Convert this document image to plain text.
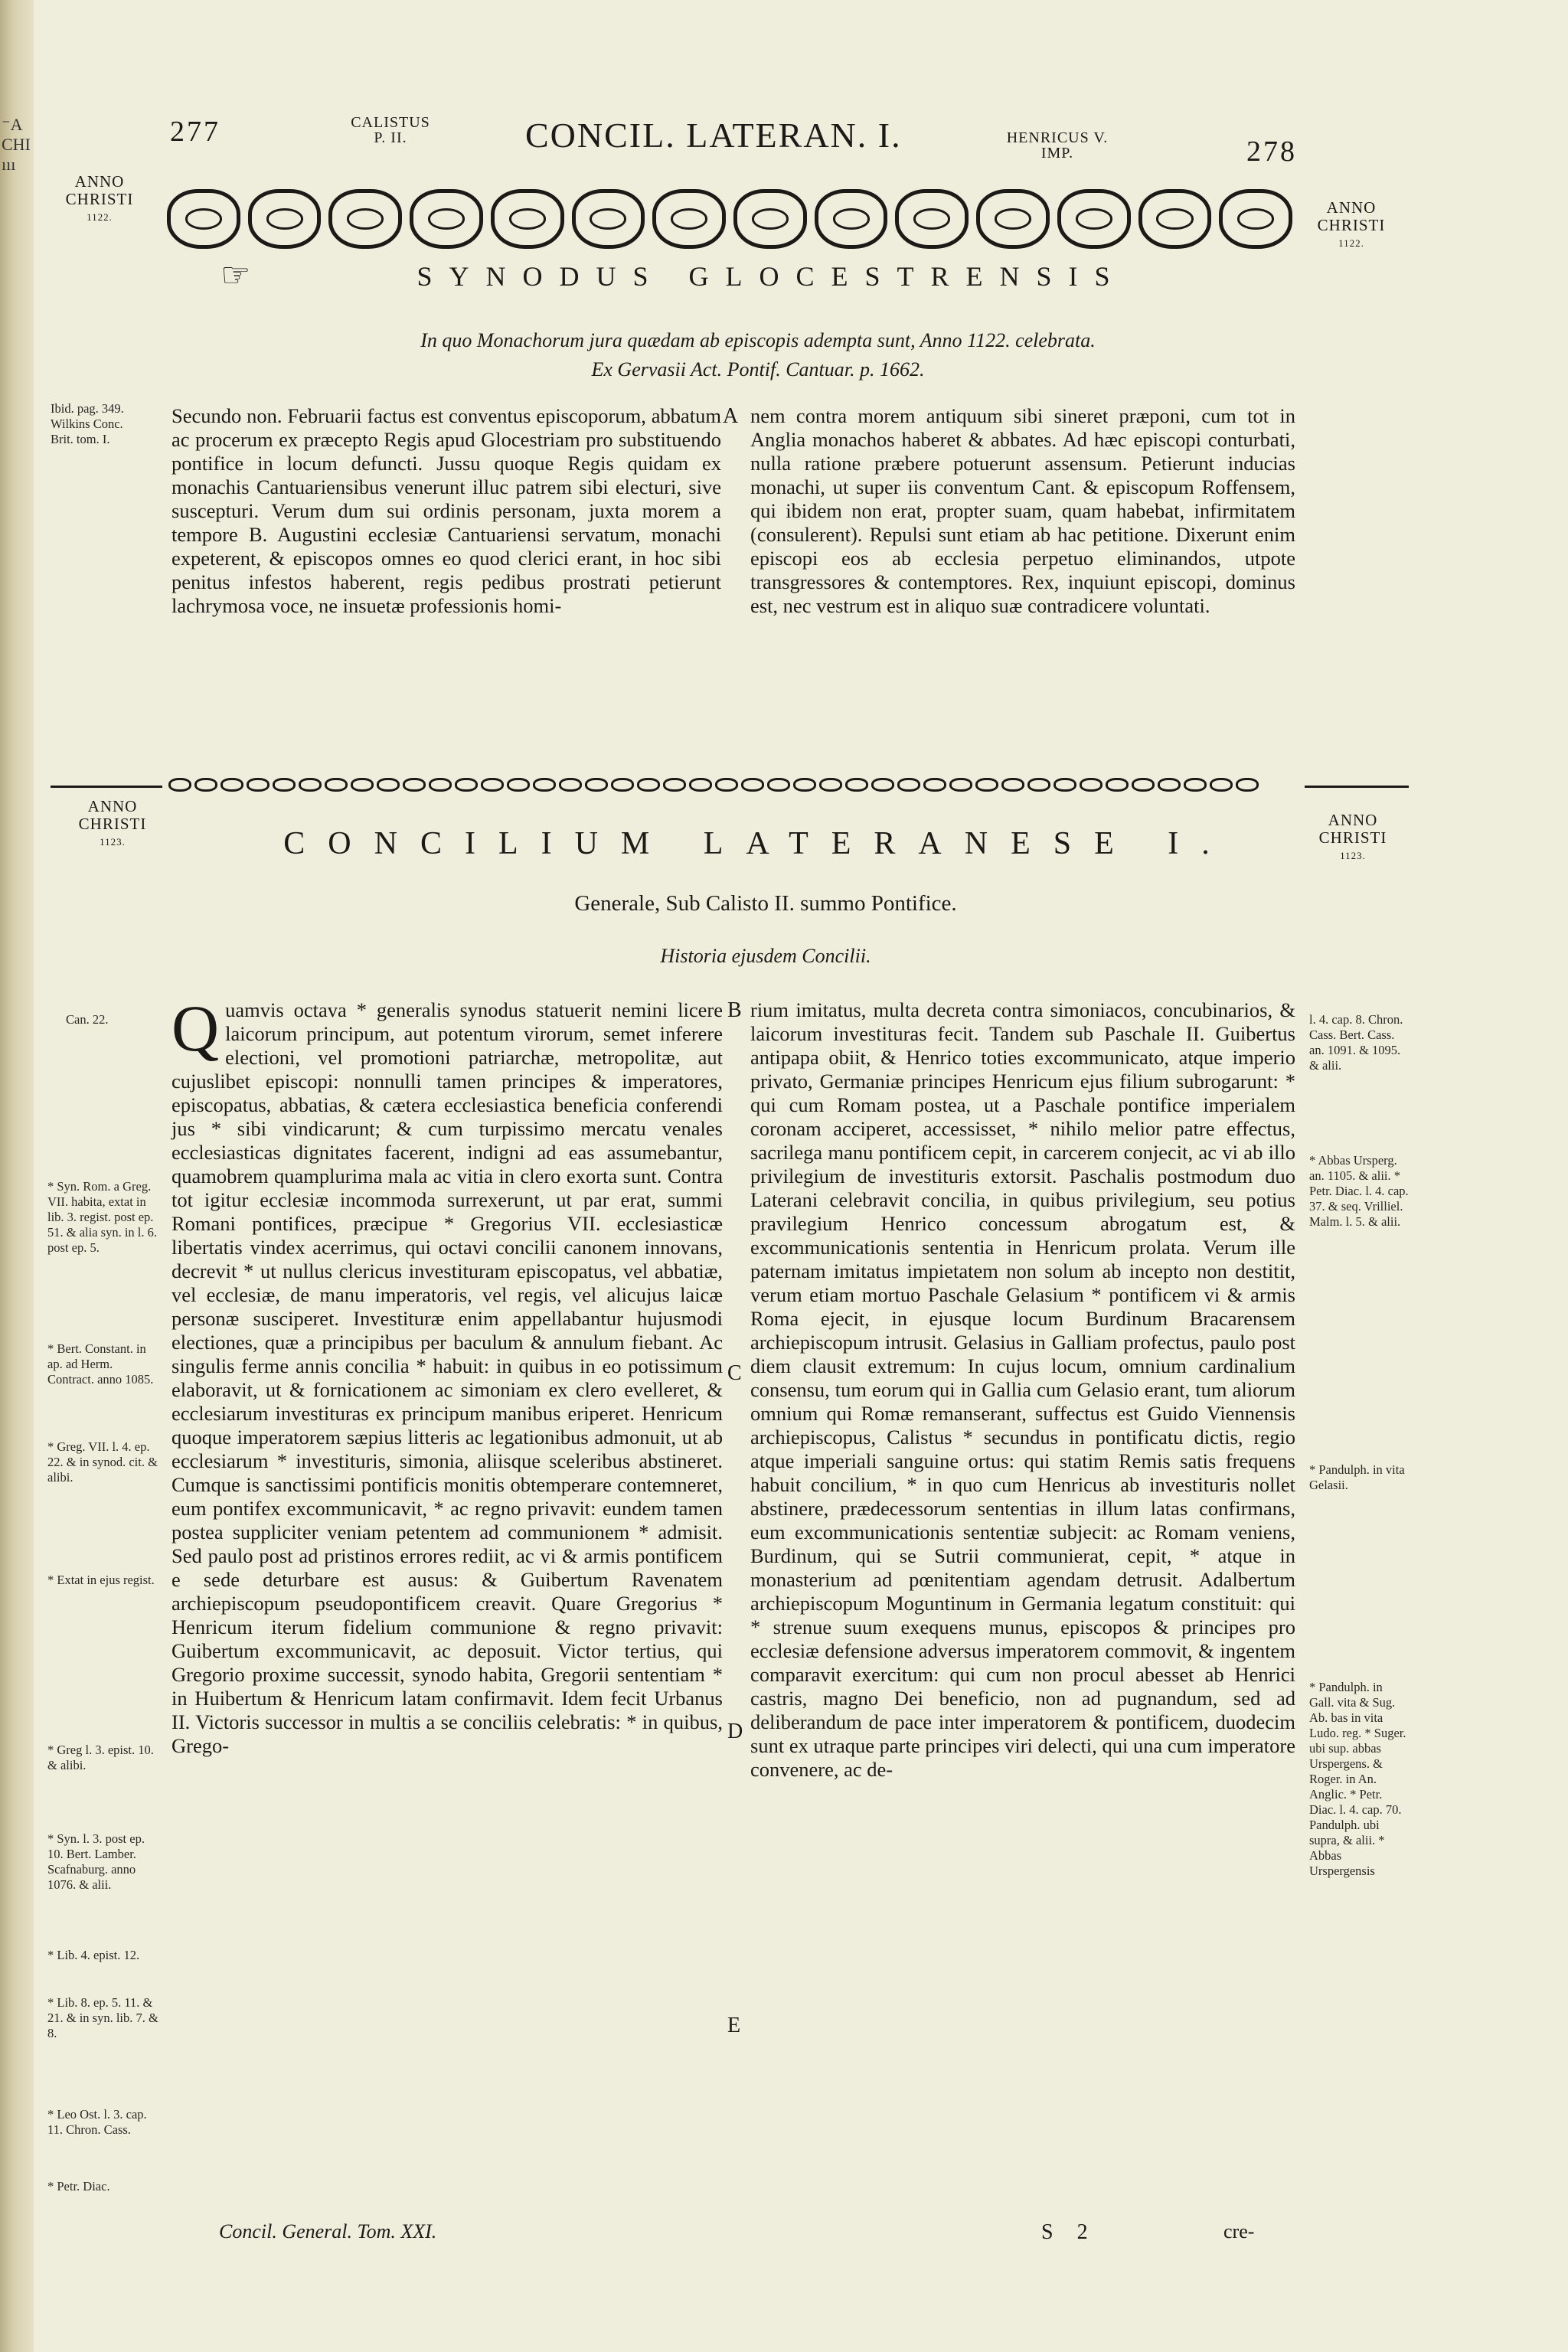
⁻A
CHI
ııı
277	CALISTUS
P. II.	CONCIL. LATERAN. I.	HENRICUS V.
IMP.	278
ANNO
CHRISTI
1122.
ANNO
CHRISTI
1122.
☞	SYNODUS GLOCESTRENSIS
In quo Monachorum jura quædam ab episcopis adempta sunt, Anno 1122. celebrata.
Ex Gervasii Act. Pontif. Cantuar. p. 1662.
Ibid. pag. 349. Wilkins Conc. Brit. tom. I.

Secundo non. Februarii factus est conventus episcoporum, abbatum ac procerum ex præcepto Regis apud Glocestriam pro substituendo pontifice in locum defuncti. Jussu quoque Regis quidam ex monachis Cantuariensibus venerunt illuc patrem sibi electuri, sive suscepturi. Verum dum sui ordinis personam, juxta morem a tempore B. Augustini ecclesiæ Cantuariensi servatum, monachi expeterent, & episcopos omnes eo quod clerici erant, in hoc sibi penitus infestos haberent, regis pedibus prostrati petierunt lachrymosa voce, ne insuetæ professionis homi-

A nem contra morem antiquum sibi sineret præponi, cum tot in Anglia monachos haberet & abbates. Ad hæc episcopi conturbati, nulla ratione præbere potuerunt assensum. Petierunt inducias monachi, ut super iis conventum Cant. & episcopum Roffensem, qui ibidem non erat, propter suam, quam habebat, infirmitatem (consulerent). Repulsi sunt etiam ab hac petitione. Dixerunt enim episcopi eos ab ecclesia perpetuo eliminandos, utpote transgressores & contemptores. Rex, inquiunt episcopi, dominus est, nec vestrum est in aliquo suæ contradicere voluntati.

ANNO
CHRISTI
1123.
ANNO
CHRISTI
1123.
CONCILIUM LATERANESE I.
Generale, Sub Calisto II. summo Pontifice.
Historia ejusdem Concilii.
Can. 22.
* Syn. Rom. a Greg. VII. habita, extat in lib. 3. regist. post ep. 51. & alia syn. in l. 6. post ep. 5.
* Bert. Constant. in ap. ad Herm. Contract. anno 1085.
* Greg. VII. l. 4. ep. 22. & in synod. cit. & alibi.
* Extat in ejus regist.
* Greg l. 3. epist. 10. & alibi.
* Syn. l. 3. post ep. 10. Bert. Lamber. Scafnaburg. anno 1076. & alii.
* Lib. 4. epist. 12.
* Lib. 8. ep. 5. 11. & 21. & in syn. lib. 7. & 8.
* Leo Ost. l. 3. cap. 11. Chron. Cass.
* Petr. Diac.

Quamvis octava * generalis synodus statuerit nemini licere laicorum principum, aut potentum virorum, semet inferere electioni, vel promotioni patriarchæ, metropolitæ, aut cujuslibet episcopi: nonnulli tamen principes & imperatores, episcopatus, abbatias, & cætera ecclesiastica beneficia conferendi jus * sibi vindicarunt; & cum turpissimo mercatu venales ecclesiasticas dignitates facerent, indigni ad eas assumebantur, quamobrem quamplurima mala ac vitia in clero exorta sunt. Contra tot igitur ecclesiæ incommoda surrexerunt, ut par erat, summi Romani pontifices, præcipue * Gregorius VII. ecclesiasticæ libertatis vindex acerrimus, qui octavi concilii canonem innovans, decrevit * ut nullus clericus investituram episcopatus, vel abbatiæ, vel ecclesiæ, de manu imperatoris, vel regis, vel alicujus laicæ personæ susciperet. Investituræ enim appellabantur hujusmodi electiones, quæ a principibus per baculum & annulum fiebant. Ac singulis ferme annis concilia * habuit: in quibus in eo potissimum elaboravit, ut & fornicationem ac simoniam ex clero evelleret, & ecclesiarum investituras ex principum manibus eriperet. Henricum quoque imperatorem sæpius litteris ac legationibus admonuit, ut ab ecclesiarum * investituris, simonia, aliisque sceleribus abstineret. Cumque is sanctissimi pontificis monitis obtemperare contemneret, eum pontifex excommunicavit, * ac regno privavit: eundem tamen postea suppliciter veniam petentem ad communionem * admisit. Sed paulo post ad pristinos errores rediit, ac vi & armis pontificem e sede deturbare est ausus: & Guibertum Ravenatem archiepiscopum pseudopontificem creavit. Quare Gregorius * Henricum iterum fidelium communione & regno privavit: Guibertum excommunicavit, ac deposuit. Victor tertius, qui Gregorio proxime successit, synodo habita, Gregorii sententiam * in Huibertum & Henricum latam confirmavit. Idem fecit Urbanus II. Victoris successor in multis a se conciliis celebratis: * in quibus, Grego-

B
C
D
E

rium imitatus, multa decreta contra simoniacos, concubinarios, & laicorum investituras fecit. Tandem sub Paschale II. Guibertus antipapa obiit, & Henrico toties excommunicato, atque imperio privato, Germaniæ principes Henricum ejus filium subrogarunt: * qui cum Romam postea, ut a Paschale pontifice imperialem coronam acciperet, accessisset, * nihilo melior patre effectus, sacrilega manu pontificem cepit, in carcerem conjecit, ac vi ab illo privilegium de investituris extorsit. Paschalis postmodum duo Laterani celebravit concilia, in quibus privilegium, seu potius pravilegium Henrico concessum abrogatum est, & excommunicationis sententia in Henricum prolata. Verum ille paternam imitatus impietatem non solum ab incepto non destitit, verum etiam mortuo Paschale Gelasium * pontificem vi & armis Roma ejecit, in ejusque locum Burdinum Bracarensem archiepiscopum intrusit. Gelasius in Galliam profectus, paulo post diem clausit extremum: In cujus locum, omnium cardinalium consensu, tum eorum qui in Gallia cum Gelasio erant, tum aliorum omnium qui Romæ remanserant, suffectus est Guido Viennensis archiepiscopus, Calistus * secundus in pontificatu dictis, regio atque imperiali sanguine ortus: qui statim Remis satis frequens habuit concilium, * in quo cum Henricus ab investituris nollet abstinere, prædecessorum sententias in illum latas confirmans, eum excommunicationis sententiæ subjecit: ac Romam veniens, Burdinum, qui se Sutrii communierat, cepit, * atque in monasterium ad pœnitentiam agendam detrusit. Adalbertum archiepiscopum Moguntinum in Germania legatum constituit: qui * strenue suum exequens munus, episcopos & principes pro ecclesiæ defensione adversus imperatorem commovit, & ingentem comparavit exercitum: qui cum non procul abesset ab Henrici castris, magno Dei beneficio, non ad pugnandum, sed ad deliberandum de pace inter imperatorem & pontificem, duodecim sunt ex utraque parte principes viri delecti, qui una cum imperatore convenere, ac de-

l. 4. cap. 8. Chron. Cass. Bert. Cass. an. 1091. & 1095. & alii.
* Abbas Ursperg. an. 1105. & alii. * Petr. Diac. l. 4. cap. 37. & seq. Vrilliel. Malm. l. 5. & alii.
* Pandulph. in vita Gelasii.
* Pandulph. in Gall. vita & Sug. Ab. bas in vita Ludo. reg. * Suger. ubi sup. abbas Urspergens. & Roger. in An. Anglic. * Petr. Diac. l. 4. cap. 70. Pandulph. ubi supra, & alii. * Abbas Urspergensis
Concil. General. Tom. XXI.	S 2	cre-
